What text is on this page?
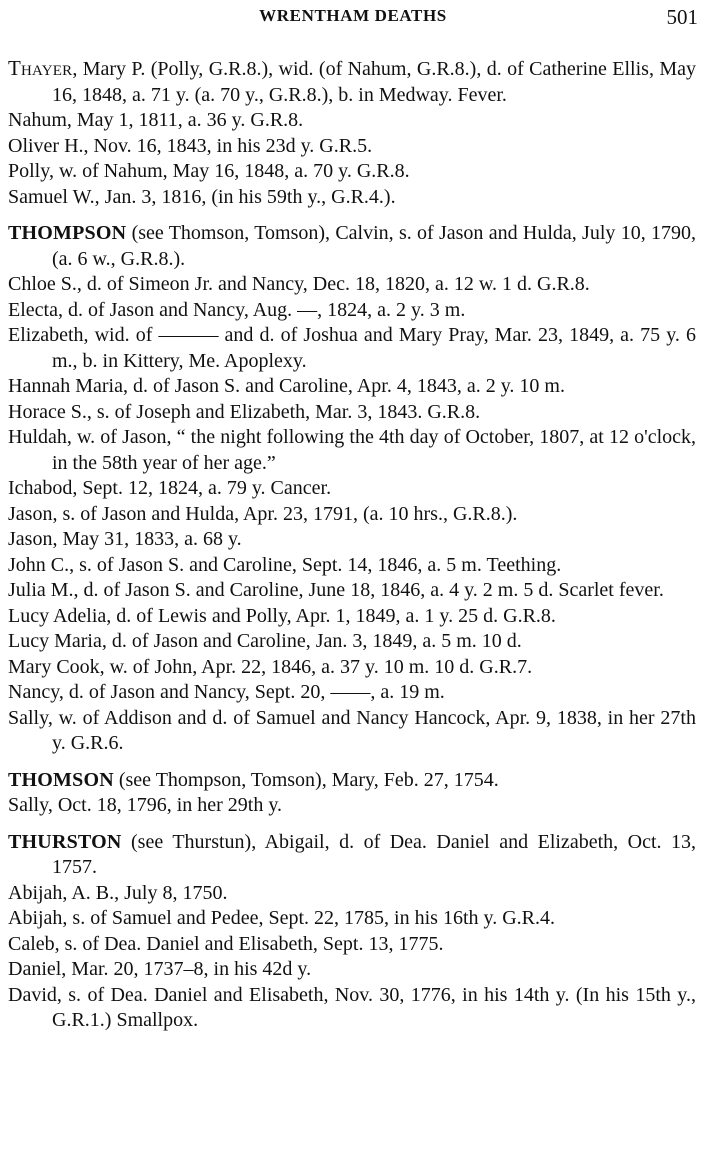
WRENTHAM DEATHS	501
Thayer, Mary P. (Polly, G.R.8.), wid. (of Nahum, G.R.8.), d. of Catherine Ellis, May 16, 1848, a. 71 y. (a. 70 y., G.R.8.), b. in Medway. Fever.
Nahum, May 1, 1811, a. 36 y. G.R.8.
Oliver H., Nov. 16, 1843, in his 23d y. G.R.5.
Polly, w. of Nahum, May 16, 1848, a. 70 y. G.R.8.
Samuel W., Jan. 3, 1816, (in his 59th y., G.R.4.).
THOMPSON (see Thomson, Tomson), Calvin, s. of Jason and Hulda, July 10, 1790, (a. 6 w., G.R.8.).
Chloe S., d. of Simeon Jr. and Nancy, Dec. 18, 1820, a. 12 w. 1 d. G.R.8.
Electa, d. of Jason and Nancy, Aug. —, 1824, a. 2 y. 3 m.
Elizabeth, wid. of ——— and d. of Joshua and Mary Pray, Mar. 23, 1849, a. 75 y. 6 m., b. in Kittery, Me. Apoplexy.
Hannah Maria, d. of Jason S. and Caroline, Apr. 4, 1843, a. 2 y. 10 m.
Horace S., s. of Joseph and Elizabeth, Mar. 3, 1843. G.R.8.
Huldah, w. of Jason, “ the night following the 4th day of October, 1807, at 12 o'clock, in the 58th year of her age.”
Ichabod, Sept. 12, 1824, a. 79 y. Cancer.
Jason, s. of Jason and Hulda, Apr. 23, 1791, (a. 10 hrs., G.R.8.).
Jason, May 31, 1833, a. 68 y.
John C., s. of Jason S. and Caroline, Sept. 14, 1846, a. 5 m. Teething.
Julia M., d. of Jason S. and Caroline, June 18, 1846, a. 4 y. 2 m. 5 d. Scarlet fever.
Lucy Adelia, d. of Lewis and Polly, Apr. 1, 1849, a. 1 y. 25 d. G.R.8.
Lucy Maria, d. of Jason and Caroline, Jan. 3, 1849, a. 5 m. 10 d.
Mary Cook, w. of John, Apr. 22, 1846, a. 37 y. 10 m. 10 d. G.R.7.
Nancy, d. of Jason and Nancy, Sept. 20, ——, a. 19 m.
Sally, w. of Addison and d. of Samuel and Nancy Hancock, Apr. 9, 1838, in her 27th y. G.R.6.
THOMSON (see Thompson, Tomson), Mary, Feb. 27, 1754.
Sally, Oct. 18, 1796, in her 29th y.
THURSTON (see Thurstun), Abigail, d. of Dea. Daniel and Elizabeth, Oct. 13, 1757.
Abijah, A. B., July 8, 1750.
Abijah, s. of Samuel and Pedee, Sept. 22, 1785, in his 16th y. G.R.4.
Caleb, s. of Dea. Daniel and Elisabeth, Sept. 13, 1775.
Daniel, Mar. 20, 1737–8, in his 42d y.
David, s. of Dea. Daniel and Elisabeth, Nov. 30, 1776, in his 14th y. (In his 15th y., G.R.1.) Smallpox.
